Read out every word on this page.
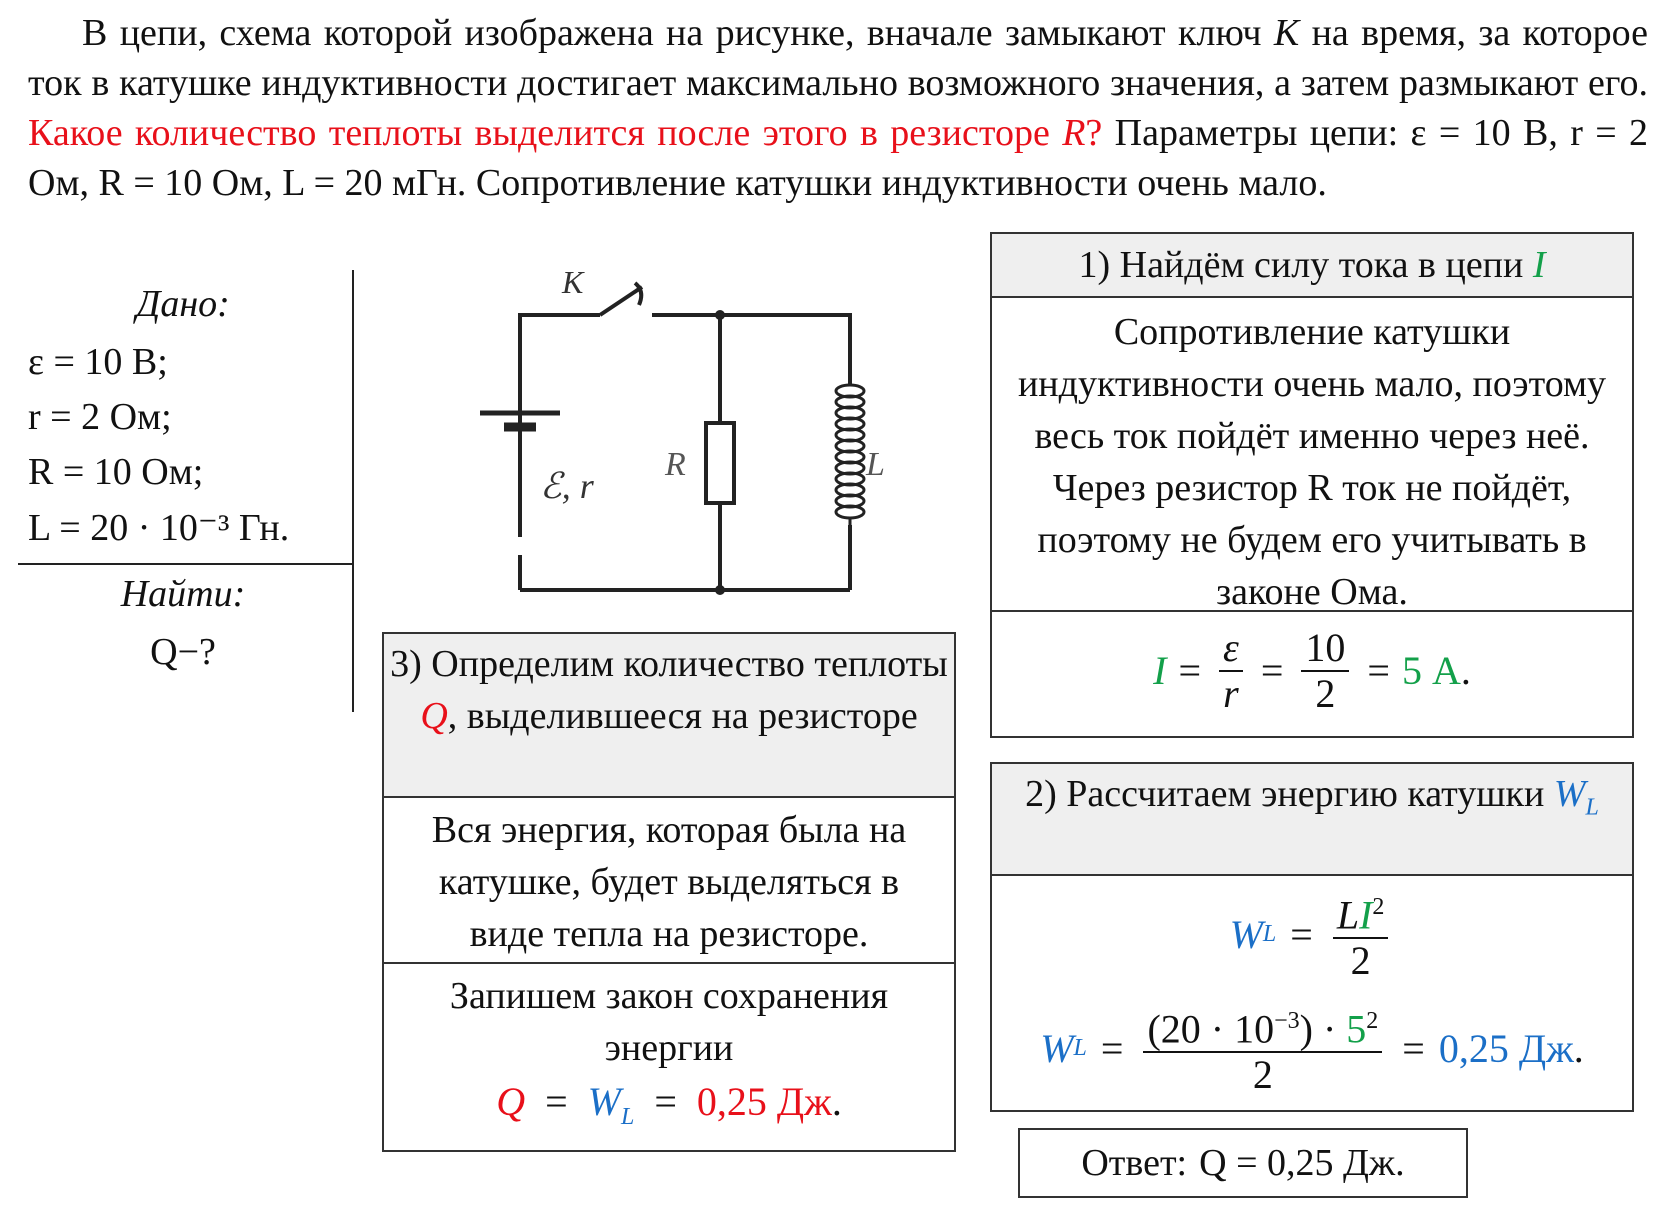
В цепи, схема которой изображена на рисунке, вначале замыкают ключ K на время, за которое ток в катушке индуктивности достигает максимально возможного значения, а затем размыкают его. Какое количество теплоты выделится после этого в резисторе R? Параметры цепи: ε = 10 В, r = 2 Ом, R = 10 Ом, L = 20 мГн. Сопротивление катушки индуктивности очень мало.
Дано:
ε = 10 В;
r = 2 Ом;
R = 10 Ом;
L = 20 · 10⁻³ Гн.
Найти:
Q−?
K
ℰ, r
R	L
1) Найдём силу тока в цепи I
Сопротивление катушки индуктивности очень мало, поэтому весь ток пойдёт именно через неё. Через резистор R ток не пойдёт, поэтому не будем его учитывать в законе Ома.
$I = \frac{\varepsilon}{r} = \frac{10}{2} = 5$ А .
2) Рассчитаем энергию катушки $W_L$
W $L = \frac{LI^2}{2}$
W $L = \frac{(20 \cdot 10^{-3}) \cdot 5^2}{2} = 0,25$ Дж .
3) Определим количество теплоты Q, выделившееся на резисторе
Вся энергия, которая была на катушке, будет выделяться в виде тепла на резисторе.
Запишем закон сохранения энергии
$Q = W_L = 0,25$ Дж.
Ответ: Q = 0,25 Дж.
